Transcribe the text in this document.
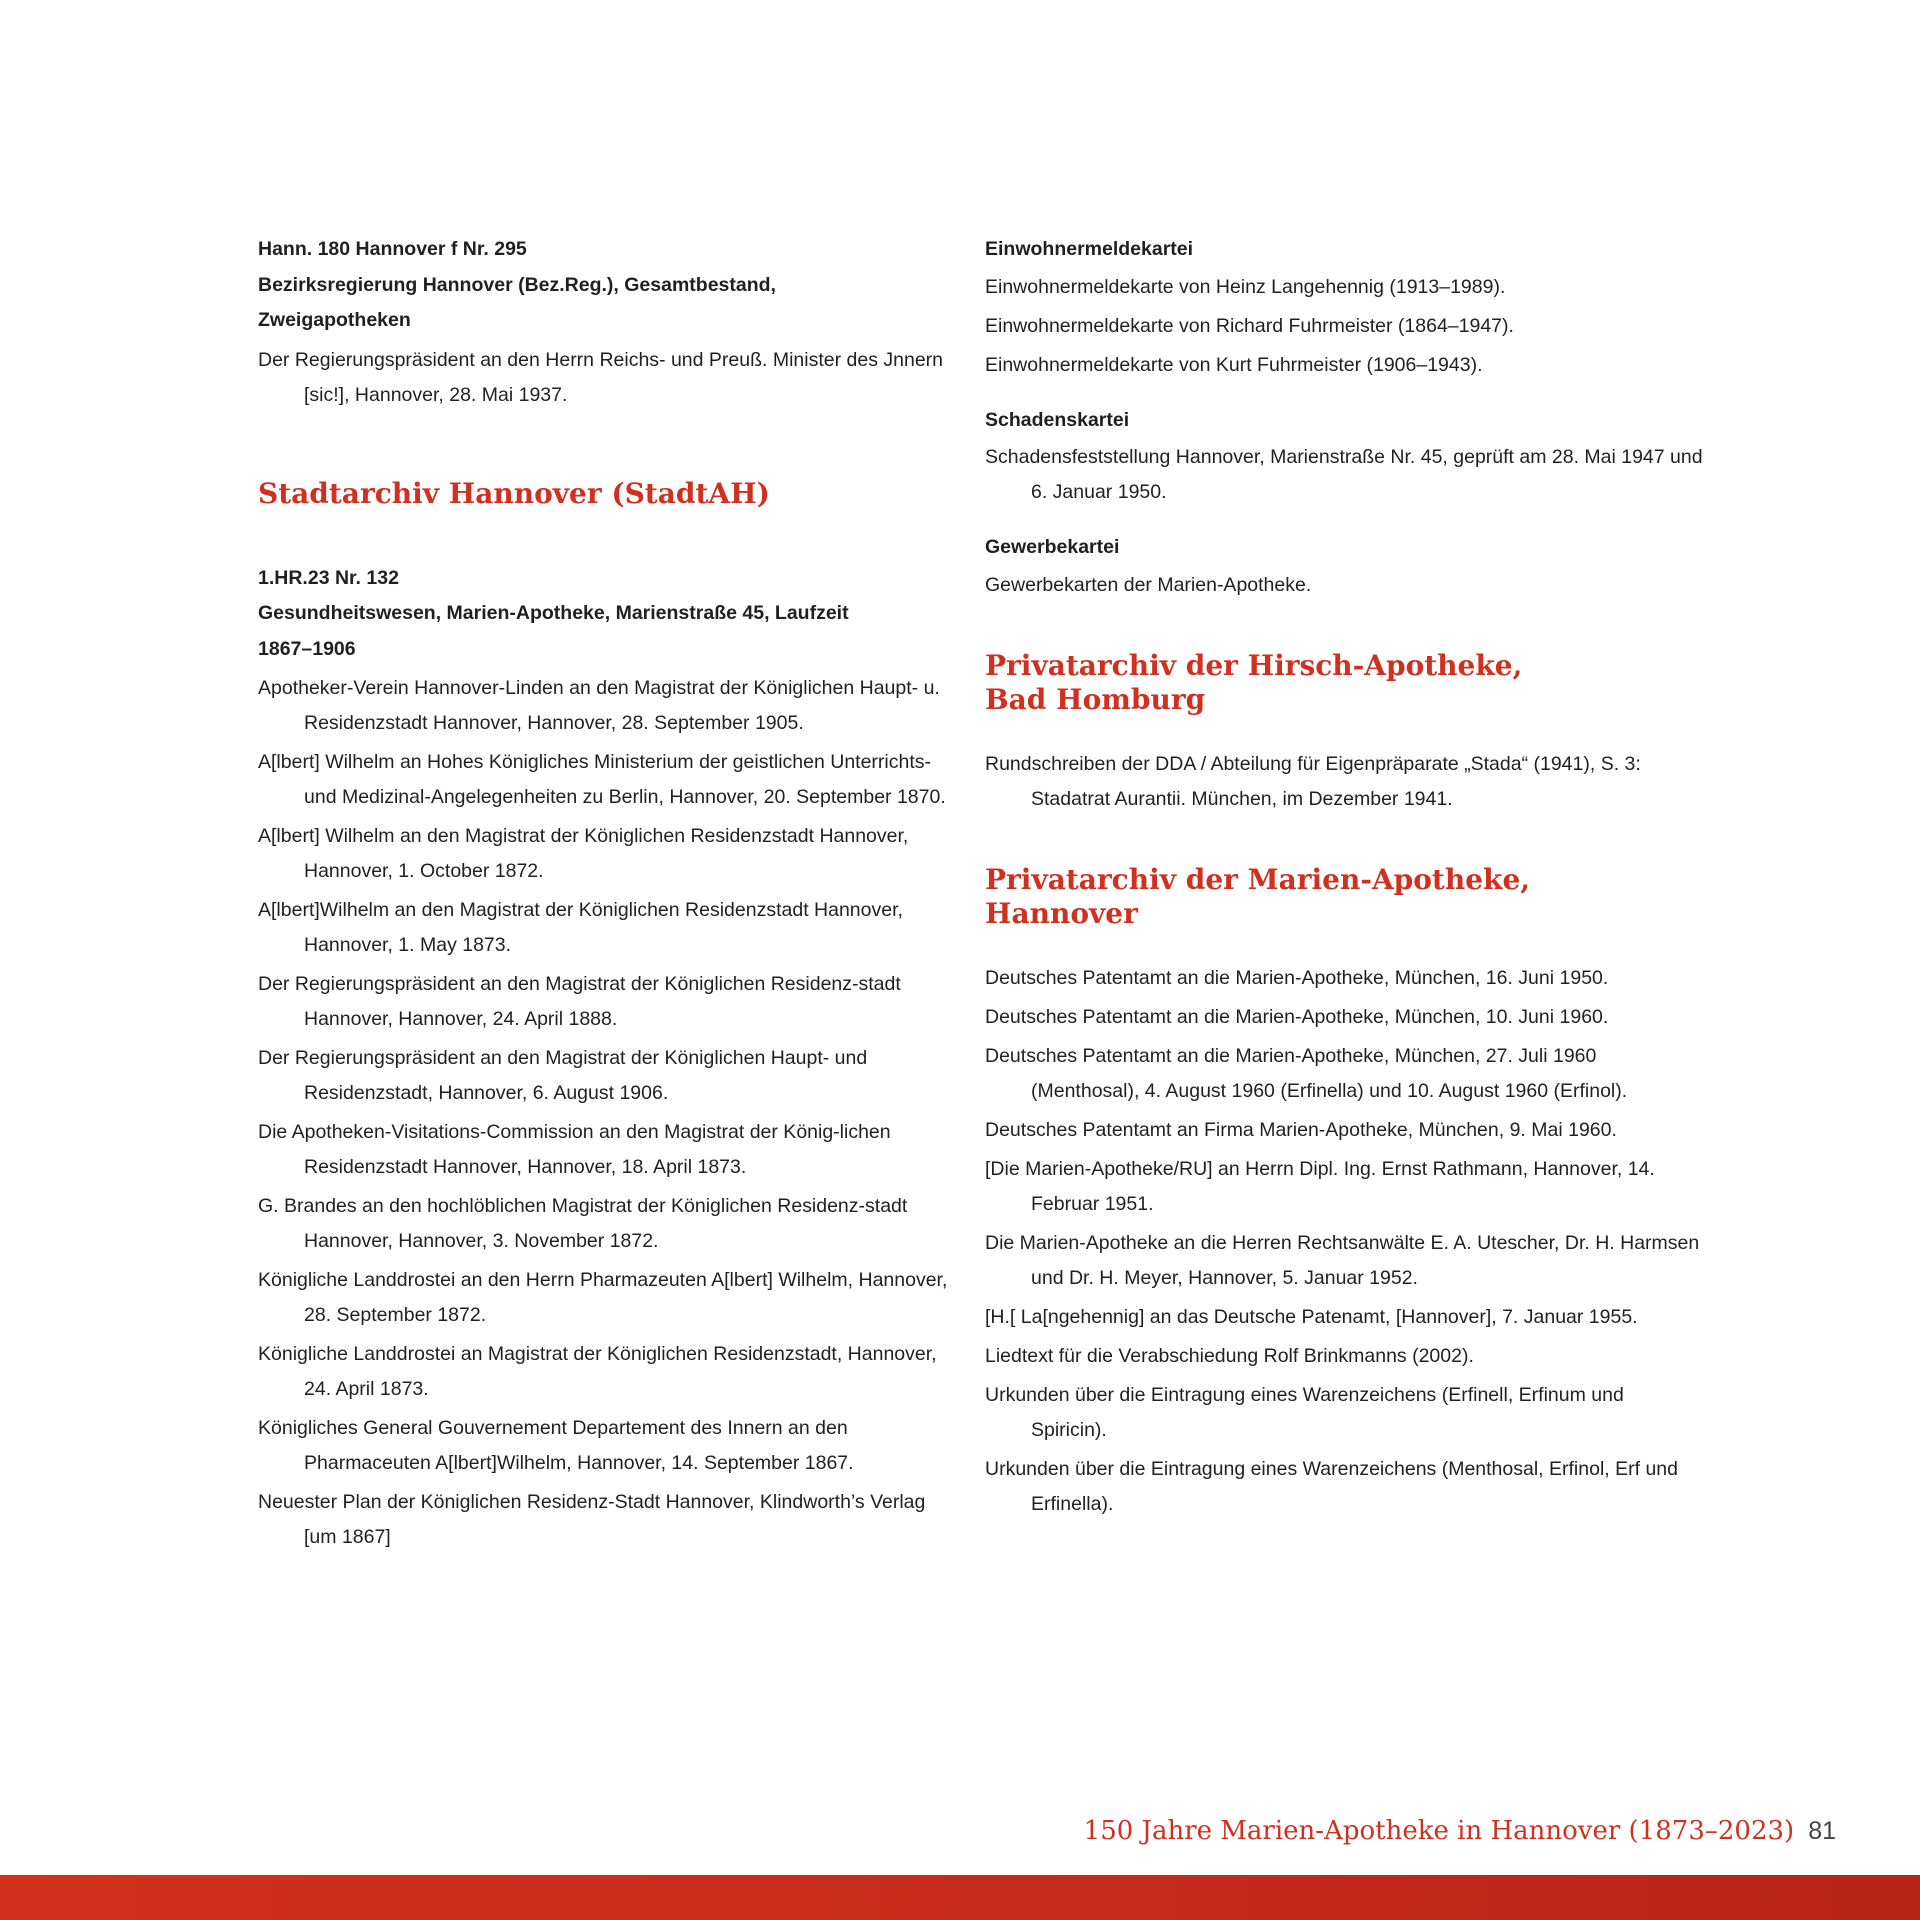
Hann. 180 Hannover f Nr. 295

Bezirksregierung Hannover (Bez.Reg.), Gesamtbestand,

Zweigapotheken

Der Regierungspräsident an den Herrn Reichs- und Preuß. Minister des Jnnern [sic!], Hannover, 28. Mai 1937.

Stadtarchiv Hannover (StadtAH)

1.HR.23 Nr. 132

Gesundheitswesen, Marien-Apotheke, Marienstraße 45, Laufzeit

1867–1906

Apotheker-Verein Hannover-Linden an den Magistrat der Königlichen Haupt- u. Residenzstadt Hannover, Hannover, 28. September 1905.

A[lbert] Wilhelm an Hohes Königliches Ministerium der geistlichen Unterrichts- und Medizinal-Angelegenheiten zu Berlin, Hannover, 20. September 1870.

A[lbert] Wilhelm an den Magistrat der Königlichen Residenzstadt Hannover, Hannover, 1. October 1872.

A[lbert]Wilhelm an den Magistrat der Königlichen Residenzstadt Hannover, Hannover, 1. May 1873.

Der Regierungspräsident an den Magistrat der Königlichen Residenz-stadt Hannover, Hannover, 24. April 1888.

Der Regierungspräsident an den Magistrat der Königlichen Haupt- und Residenzstadt, Hannover, 6. August 1906.

Die Apotheken-Visitations-Commission an den Magistrat der König-lichen Residenzstadt Hannover, Hannover, 18. April 1873.

G. Brandes an den hochlöblichen Magistrat der Königlichen Residenz-stadt Hannover, Hannover, 3. November 1872.

Königliche Landdrostei an den Herrn Pharmazeuten A[lbert] Wilhelm, Hannover, 28. September 1872.

Königliche Landdrostei an Magistrat der Königlichen Residenzstadt, Hannover, 24. April 1873.

Königliches General Gouvernement Departement des Innern an den Pharmaceuten A[lbert]Wilhelm, Hannover, 14. September 1867.

Neuester Plan der Königlichen Residenz-Stadt Hannover, Klindworth’s Verlag [um 1867]

Einwohnermeldekartei

Einwohnermeldekarte von Heinz Langehennig (1913–1989).

Einwohnermeldekarte von Richard Fuhrmeister (1864–1947).

Einwohnermeldekarte von Kurt Fuhrmeister (1906–1943).

Schadenskartei

Schadensfeststellung Hannover, Marienstraße Nr. 45, geprüft am 28. Mai 1947 und 6. Januar 1950.

Gewerbekartei

Gewerbekarten der Marien-Apotheke.

Privatarchiv der Hirsch-Apotheke,
Bad Homburg

Rundschreiben der DDA / Abteilung für Eigenpräparate „Stada“ (1941), S. 3: Stadatrat Aurantii. München, im Dezember 1941.

Privatarchiv der Marien-Apotheke,
Hannover

Deutsches Patentamt an die Marien-Apotheke, München, 16. Juni 1950.

Deutsches Patentamt an die Marien-Apotheke, München, 10. Juni 1960.

Deutsches Patentamt an die Marien-Apotheke, München, 27. Juli 1960 (Menthosal), 4. August 1960 (Erfinella) und 10. August 1960 (Erfinol).

Deutsches Patentamt an Firma Marien-Apotheke, München, 9. Mai 1960.

[Die Marien-Apotheke/RU] an Herrn Dipl. Ing. Ernst Rathmann, Hannover, 14. Februar 1951.

Die Marien-Apotheke an die Herren Rechtsanwälte E. A. Utescher, Dr. H. Harmsen und Dr. H. Meyer, Hannover, 5. Januar 1952.

[H.[ La[ngehennig] an das Deutsche Patenamt, [Hannover], 7. Januar 1955.

Liedtext für die Verabschiedung Rolf Brinkmanns (2002).

Urkunden über die Eintragung eines Warenzeichens (Erfinell, Erfinum und Spiricin).

Urkunden über die Eintragung eines Warenzeichens (Menthosal, Erfinol, Erf und Erfinella).

150 Jahre Marien-Apotheke in Hannover (1873–2023) 81
